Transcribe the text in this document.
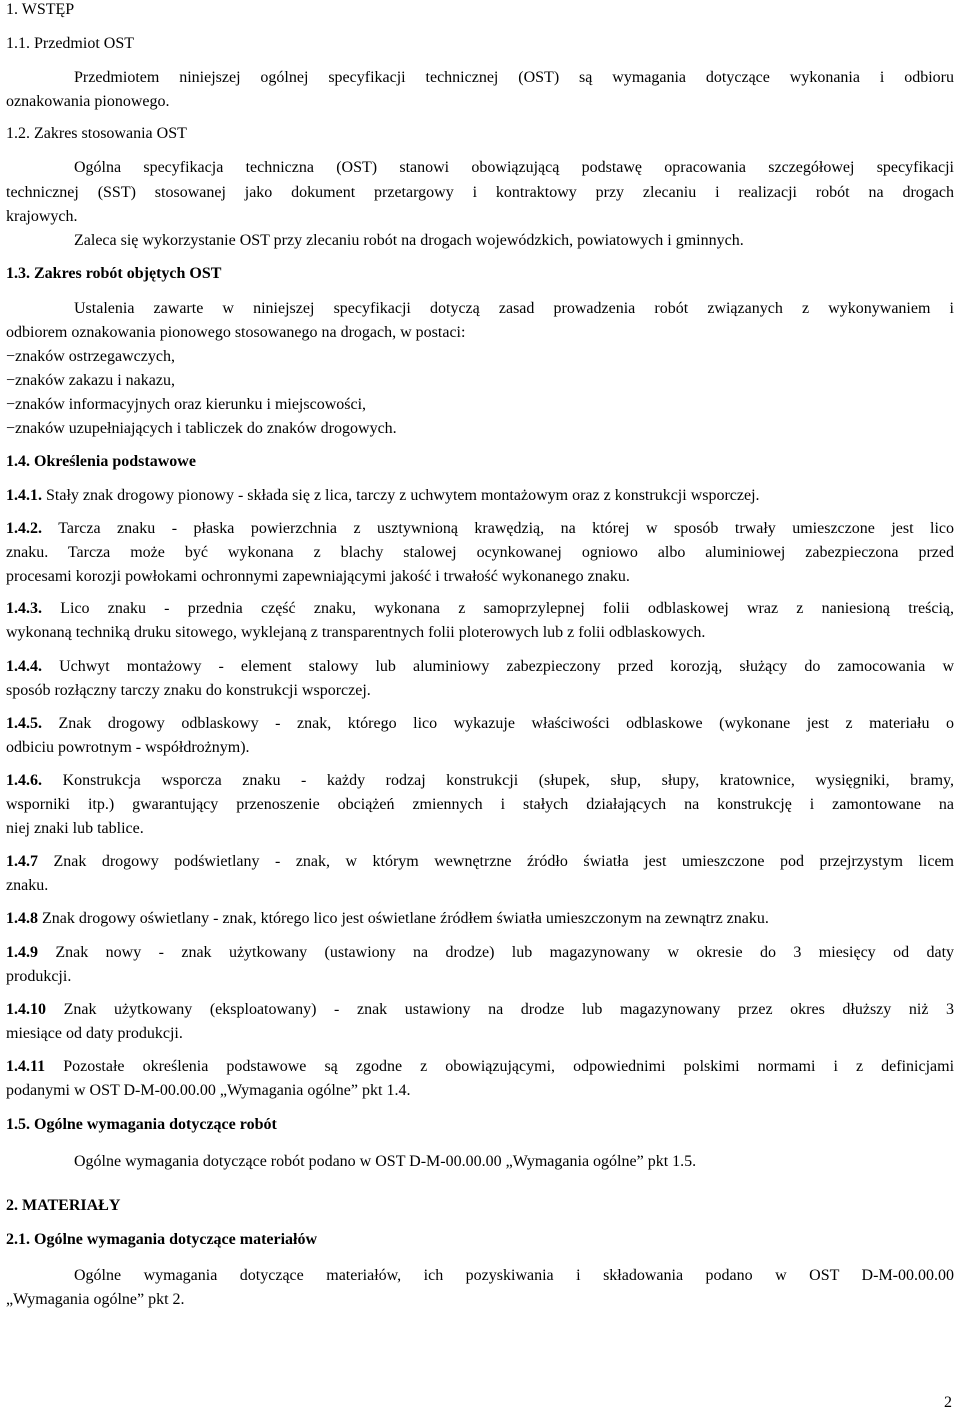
1. WSTĘP
1.1. Przedmiot OST
Przedmiotem niniejszej ogólnej specyfikacji technicznej (OST) są wymagania dotyczące wykonania i odbioru
oznakowania pionowego.
1.2. Zakres stosowania OST
Ogólna specyfikacja techniczna (OST) stanowi obowiązującą podstawę opracowania szczegółowej specyfikacji
technicznej (SST) stosowanej jako dokument przetargowy i kontraktowy przy zlecaniu i realizacji robót na drogach
krajowych.
Zaleca się wykorzystanie OST przy zlecaniu robót na drogach wojewódzkich, powiatowych i gminnych.
1.3. Zakres robót objętych OST
Ustalenia zawarte w niniejszej specyfikacji dotyczą zasad prowadzenia robót związanych z wykonywaniem i
odbiorem oznakowania pionowego stosowanego na drogach, w postaci:
−znaków ostrzegawczych,
−znaków zakazu i nakazu,
−znaków informacyjnych oraz kierunku i miejscowości,
−znaków uzupełniających i tabliczek do znaków drogowych.
1.4. Określenia podstawowe
1.4.1. Stały znak drogowy pionowy - składa się z lica, tarczy z uchwytem montażowym oraz z konstrukcji wsporczej.
1.4.2. Tarcza znaku - płaska powierzchnia z usztywnioną krawędzią, na której w sposób trwały umieszczone jest lico
znaku. Tarcza może być wykonana z blachy stalowej ocynkowanej ogniowo albo aluminiowej zabezpieczona przed
procesami korozji powłokami ochronnymi zapewniającymi jakość i trwałość wykonanego znaku.
1.4.3. Lico znaku - przednia część znaku, wykonana z samoprzylepnej folii odblaskowej wraz z naniesioną treścią,
wykonaną techniką druku sitowego, wyklejaną z transparentnych folii ploterowych lub z folii odblaskowych.
1.4.4. Uchwyt montażowy - element stalowy lub aluminiowy zabezpieczony przed korozją, służący do zamocowania w
sposób rozłączny tarczy znaku do konstrukcji wsporczej.
1.4.5. Znak drogowy odblaskowy - znak, którego lico wykazuje właściwości odblaskowe (wykonane jest z materiału o
odbiciu powrotnym - współdrożnym).
1.4.6. Konstrukcja wsporcza znaku - każdy rodzaj konstrukcji (słupek, słup, słupy, kratownice, wysięgniki, bramy,
wsporniki itp.) gwarantujący przenoszenie obciążeń zmiennych i stałych działających na konstrukcję i zamontowane na
niej znaki lub tablice.
1.4.7 Znak drogowy podświetlany - znak, w którym wewnętrzne źródło światła jest umieszczone pod przejrzystym licem
znaku.
1.4.8 Znak drogowy oświetlany - znak, którego lico jest oświetlane źródłem światła umieszczonym na zewnątrz znaku.
1.4.9 Znak nowy - znak użytkowany (ustawiony na drodze) lub magazynowany w okresie do 3 miesięcy od daty
produkcji.
1.4.10 Znak użytkowany (eksploatowany) - znak ustawiony na drodze lub magazynowany przez okres dłuższy niż 3
miesiące od daty produkcji.
1.4.11 Pozostałe określenia podstawowe są zgodne z obowiązującymi, odpowiednimi polskimi normami i z definicjami
podanymi w OST D-M-00.00.00 „Wymagania ogólne” pkt 1.4.
1.5. Ogólne wymagania dotyczące robót
Ogólne wymagania dotyczące robót podano w OST D-M-00.00.00 „Wymagania ogólne” pkt 1.5.
2. MATERIAŁY
2.1. Ogólne wymagania dotyczące materiałów
Ogólne wymagania dotyczące materiałów, ich pozyskiwania i składowania podano w OST D-M-00.00.00
„Wymagania ogólne” pkt 2.
2
